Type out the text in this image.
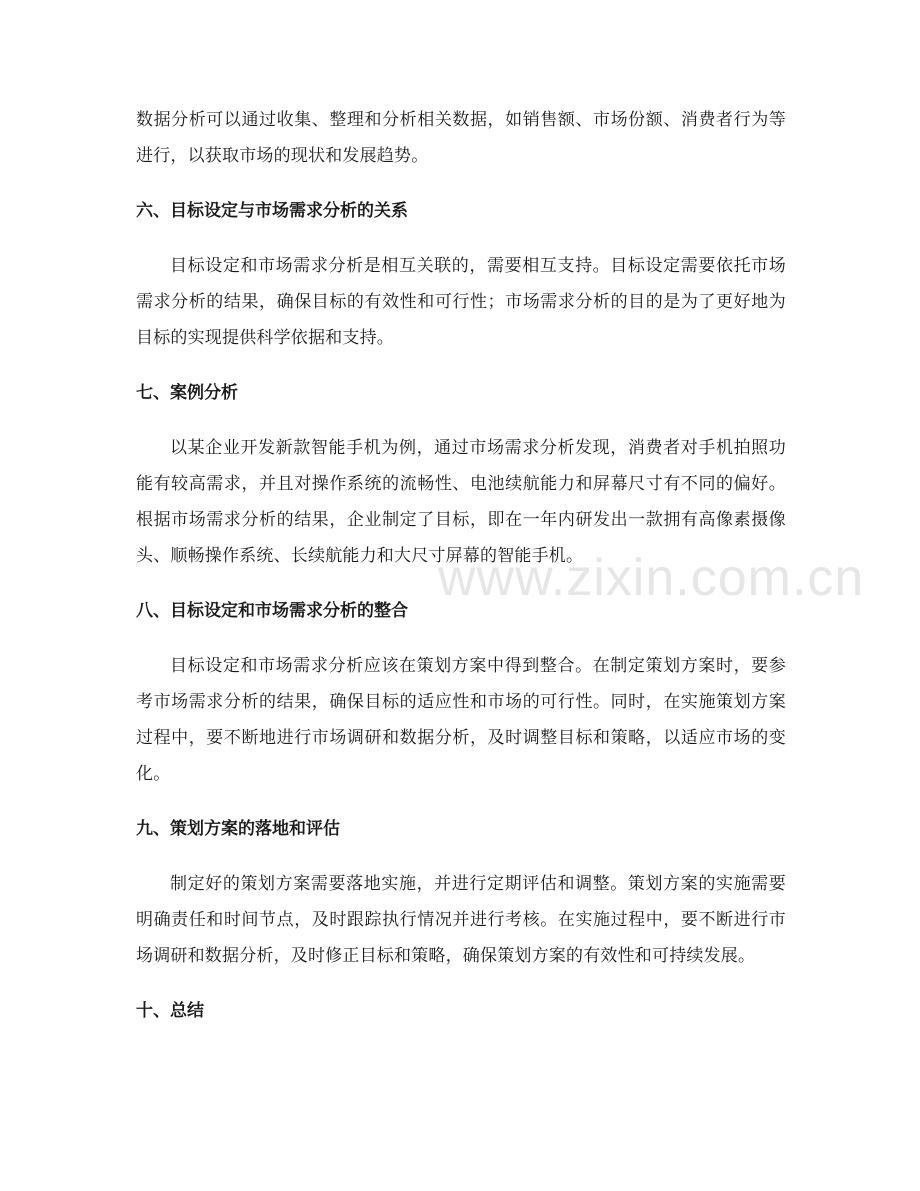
www.zixin.com.cn

数据分析可以通过收集、整理和分析相关数据，如销售额、市场份额、消费者行为等进行，以获取市场的现状和发展趋势。

六、目标设定与市场需求分析的关系

目标设定和市场需求分析是相互关联的，需要相互支持。目标设定需要依托市场需求分析的结果，确保目标的有效性和可行性；市场需求分析的目的是为了更好地为目标的实现提供科学依据和支持。

七、案例分析

以某企业开发新款智能手机为例，通过市场需求分析发现，消费者对手机拍照功能有较高需求，并且对操作系统的流畅性、电池续航能力和屏幕尺寸有不同的偏好。根据市场需求分析的结果，企业制定了目标，即在一年内研发出一款拥有高像素摄像头、顺畅操作系统、长续航能力和大尺寸屏幕的智能手机。

八、目标设定和市场需求分析的整合

目标设定和市场需求分析应该在策划方案中得到整合。在制定策划方案时，要参考市场需求分析的结果，确保目标的适应性和市场的可行性。同时，在实施策划方案过程中，要不断地进行市场调研和数据分析，及时调整目标和策略，以适应市场的变化。

九、策划方案的落地和评估

制定好的策划方案需要落地实施，并进行定期评估和调整。策划方案的实施需要明确责任和时间节点，及时跟踪执行情况并进行考核。在实施过程中，要不断进行市场调研和数据分析，及时修正目标和策略，确保策划方案的有效性和可持续发展。

十、总结
